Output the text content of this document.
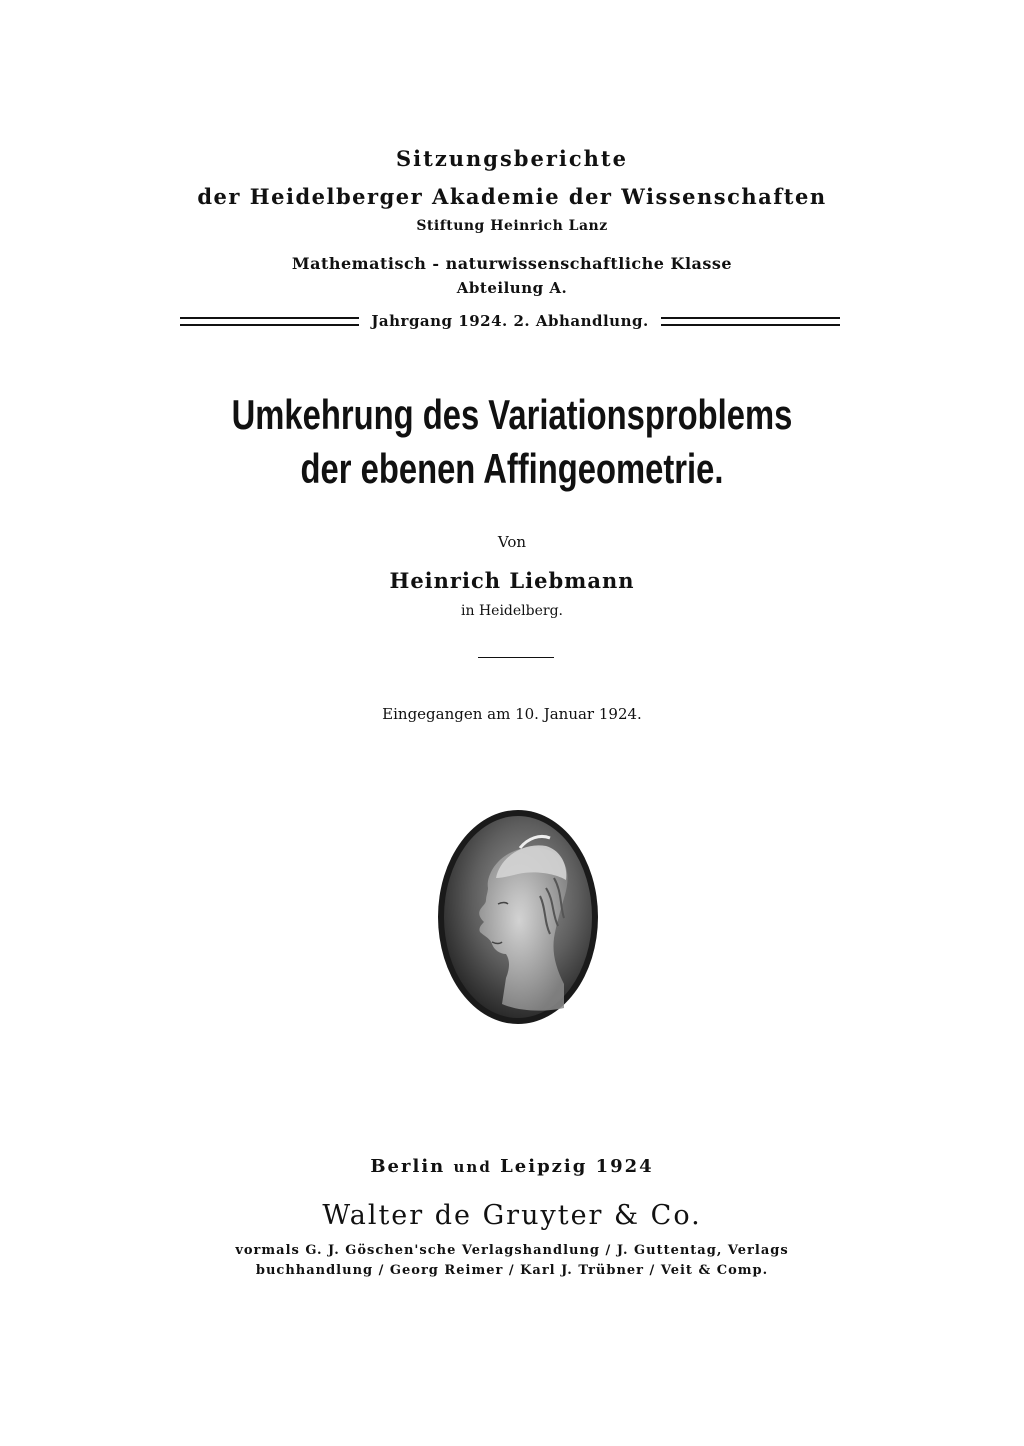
Sitzungsberichte
der Heidelberger Akademie der Wissenschaften
Stiftung Heinrich Lanz
Mathematisch - naturwissenschaftliche Klasse
Abteilung A.
Jahrgang 1924. 2. Abhandlung.
Umkehrung des Variationsproblems
der ebenen Affingeometrie.
Von
Heinrich Liebmann
in Heidelberg.
Eingegangen am 10. Januar 1924.
Berlin und Leipzig 1924
Walter de Gruyter & Co.
vormals G. J. Göschen'sche Verlagshandlung / J. Guttentag, Verlags
buchhandlung / Georg Reimer / Karl J. Trübner / Veit & Comp.
